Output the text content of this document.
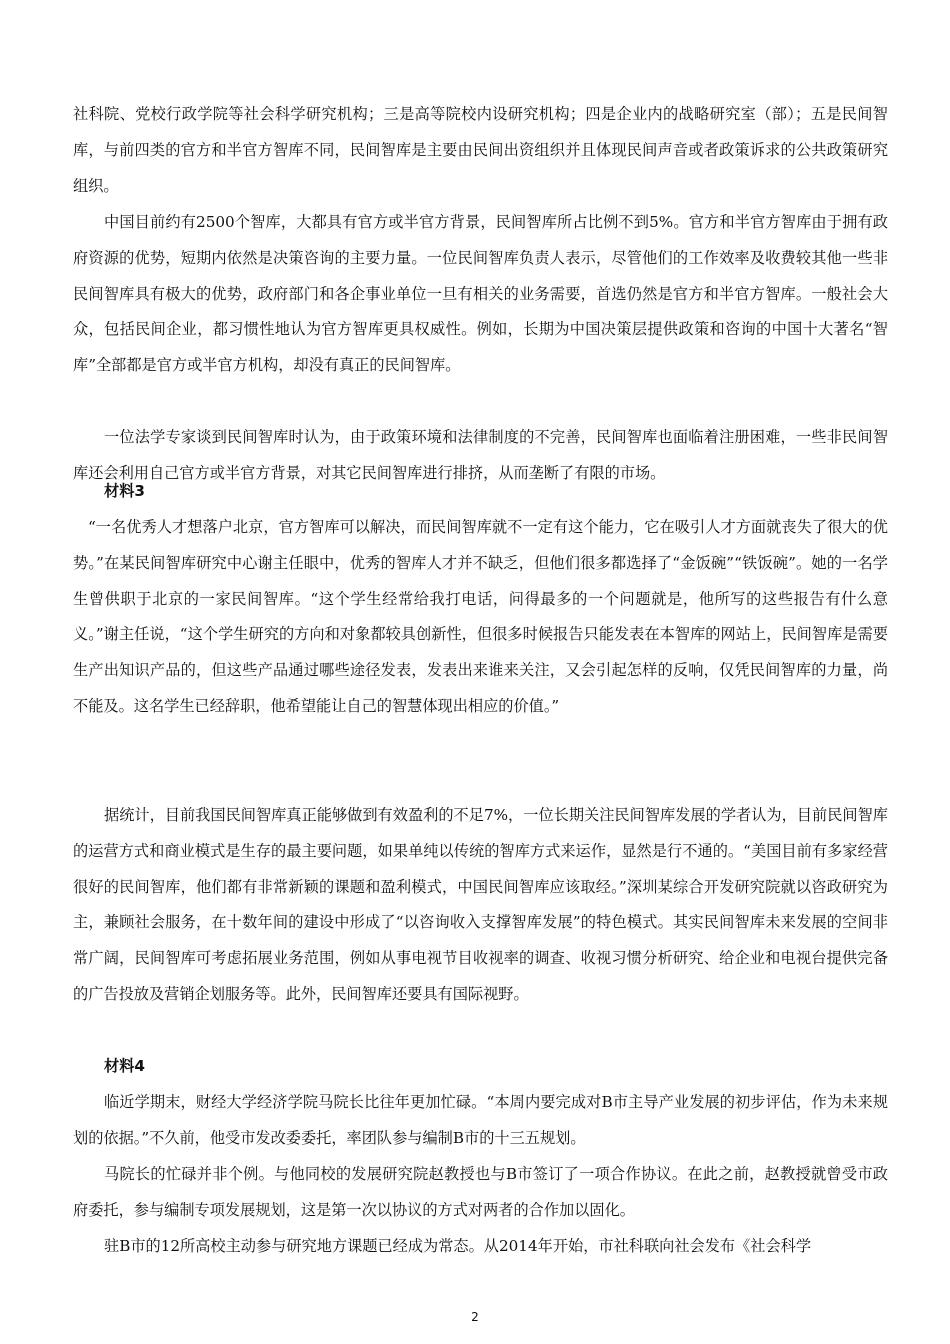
社科院、党校行政学院等社会科学研究机构；三是高等院校内设研究机构；四是企业内的战略研究室（部）；五是民间智库，与前四类的官方和半官方智库不同，民间智库是主要由民间出资组织并且体现民间声音或者政策诉求的公共政策研究组织。

中国目前约有2500个智库，大都具有官方或半官方背景，民间智库所占比例不到5%。官方和半官方智库由于拥有政府资源的优势，短期内依然是决策咨询的主要力量。一位民间智库负责人表示，尽管他们的工作效率及收费较其他一些非民间智库具有极大的优势，政府部门和各企事业单位一旦有相关的业务需要，首选仍然是官方和半官方智库。一般社会大众，包括民间企业，都习惯性地认为官方智库更具权威性。例如，长期为中国决策层提供政策和咨询的中国十大著名“智库”全部都是官方或半官方机构，却没有真正的民间智库。

一位法学专家谈到民间智库时认为，由于政策环境和法律制度的不完善，民间智库也面临着注册困难，一些非民间智库还会利用自己官方或半官方背景，对其它民间智库进行排挤，从而垄断了有限的市场。

材料3

“一名优秀人才想落户北京，官方智库可以解决，而民间智库就不一定有这个能力，它在吸引人才方面就丧失了很大的优势。”在某民间智库研究中心谢主任眼中，优秀的智库人才并不缺乏，但他们很多都选择了“金饭碗”“铁饭碗”。她的一名学生曾供职于北京的一家民间智库。“这个学生经常给我打电话，问得最多的一个问题就是，他所写的这些报告有什么意义。”谢主任说，“这个学生研究的方向和对象都较具创新性，但很多时候报告只能发表在本智库的网站上，民间智库是需要生产出知识产品的，但这些产品通过哪些途径发表，发表出来谁来关注，又会引起怎样的反响，仅凭民间智库的力量，尚不能及。这名学生已经辞职，他希望能让自己的智慧体现出相应的价值。”

据统计，目前我国民间智库真正能够做到有效盈利的不足7%，一位长期关注民间智库发展的学者认为，目前民间智库的运营方式和商业模式是生存的最主要问题，如果单纯以传统的智库方式来运作，显然是行不通的。“美国目前有多家经营很好的民间智库，他们都有非常新颖的课题和盈利模式，中国民间智库应该取经。”深圳某综合开发研究院就以咨政研究为主，兼顾社会服务，在十数年间的建设中形成了“以咨询收入支撑智库发展”的特色模式。其实民间智库未来发展的空间非常广阔，民间智库可考虑拓展业务范围，例如从事电视节目收视率的调查、收视习惯分析研究、给企业和电视台提供完备的广告投放及营销企划服务等。此外，民间智库还要具有国际视野。

材料4

临近学期末，财经大学经济学院马院长比往年更加忙碌。“本周内要完成对B市主导产业发展的初步评估，作为未来规划的依据。”不久前，他受市发改委委托，率团队参与编制B市的十三五规划。

马院长的忙碌并非个例。与他同校的发展研究院赵教授也与B市签订了一项合作协议。在此之前，赵教授就曾受市政府委托，参与编制专项发展规划，这是第一次以协议的方式对两者的合作加以固化。

驻B市的12所高校主动参与研究地方课题已经成为常态。从2014年开始，市社科联向社会发布《社会科学

2
